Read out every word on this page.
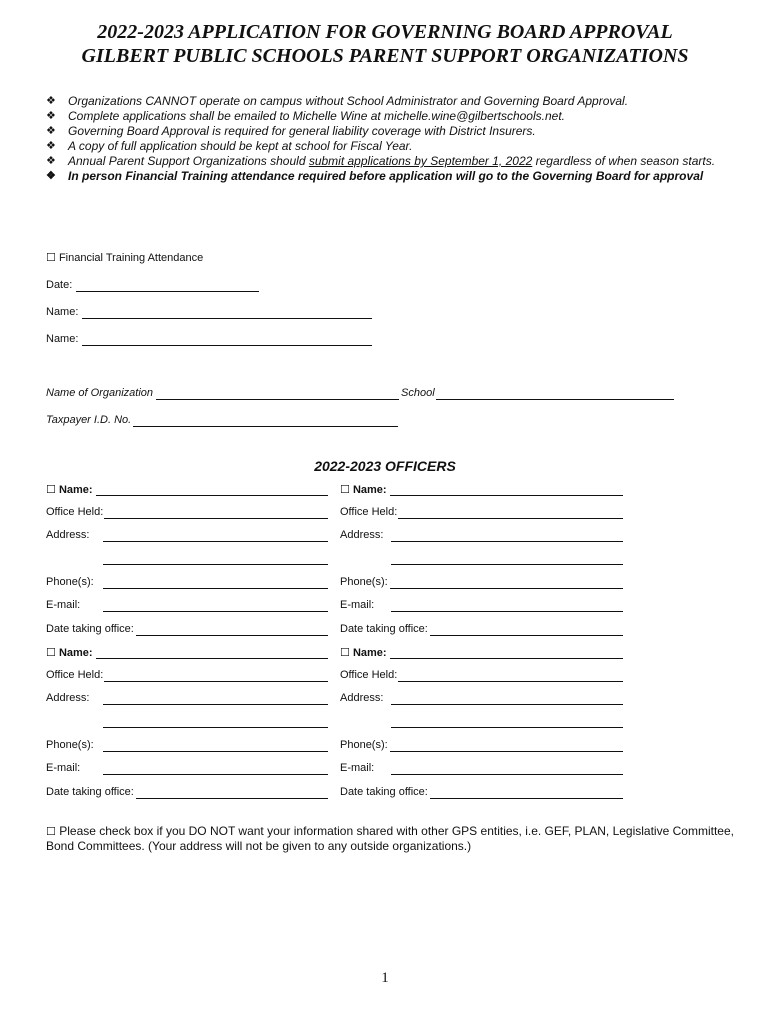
2022-2023 APPLICATION FOR GOVERNING BOARD APPROVAL
GILBERT PUBLIC SCHOOLS PARENT SUPPORT ORGANIZATIONS
❖ Organizations CANNOT operate on campus without School Administrator and Governing Board Approval.
❖ Complete applications shall be emailed to Michelle Wine at michelle.wine@gilbertschools.net.
❖ Governing Board Approval is required for general liability coverage with District Insurers.
❖ A copy of full application should be kept at school for Fiscal Year.
❖ Annual Parent Support Organizations should submit applications by September 1, 2022 regardless of when season starts.
❖ In person Financial Training attendance required before application will go to the Governing Board for approval
☐ Financial Training Attendance
Date:
Name:
Name:
Name of Organization	School
Taxpayer I.D. No.
2022-2023 OFFICERS
☐ Name:
Office Held:
Address:
Phone(s):
E-mail:
Date taking office:
☐ Name:
Office Held:
Address:
Phone(s):
E-mail:
Date taking office:
☐ Name:
Office Held:
Address:
Phone(s):
E-mail:
Date taking office:
☐ Name:
Office Held:
Address:
Phone(s):
E-mail:
Date taking office:
☐ Please check box if you DO NOT want your information shared with other GPS entities, i.e. GEF, PLAN, Legislative Committee, Bond Committees. (Your address will not be given to any outside organizations.)
1
